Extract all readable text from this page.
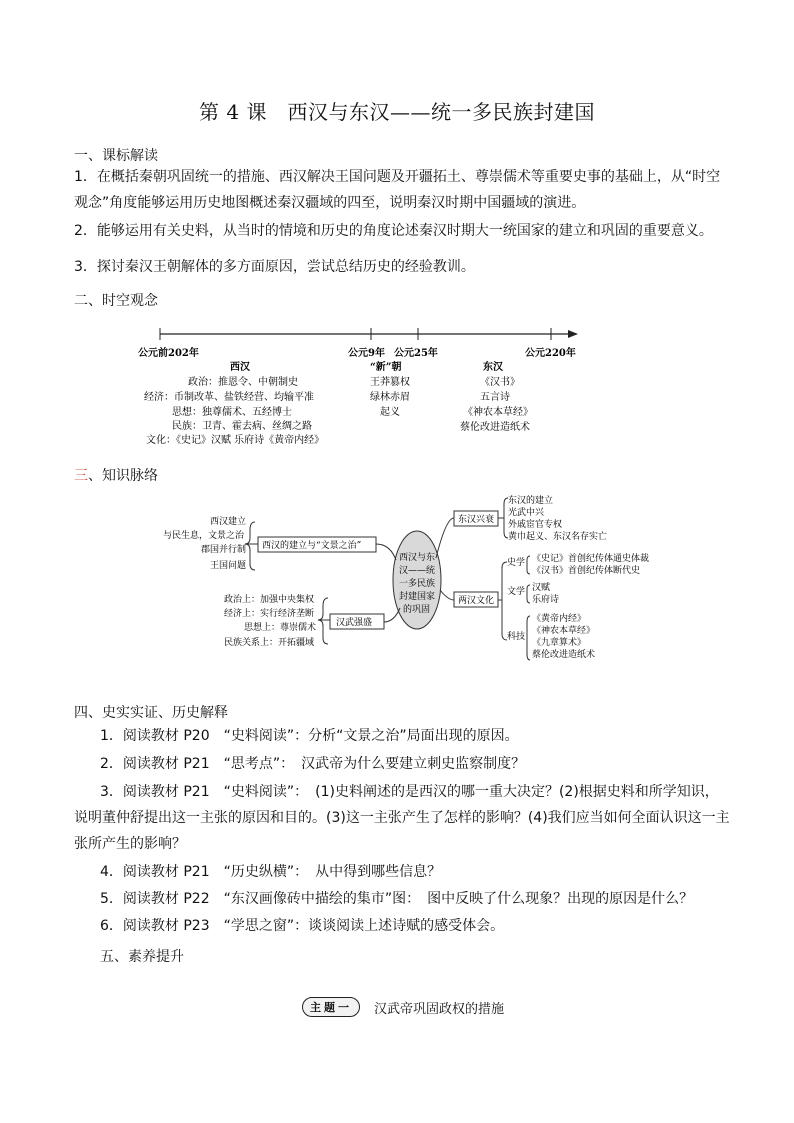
第 4 课　西汉与东汉——统一多民族封建国
一、课标解读
1．在概括秦朝巩固统一的措施、西汉解决王国问题及开疆拓土、尊崇儒术等重要史事的基础上，从“时空
观念”角度能够运用历史地图概述秦汉疆域的四至，说明秦汉时期中国疆域的演进。
2．能够运用有关史料，从当时的情境和历史的角度论述秦汉时期大一统国家的建立和巩固的重要意义。
3．探讨秦汉王朝解体的多方面原因，尝试总结历史的经验教训。
二、时空观念
公元前202年	公元9年 公元25年	公元220年
西汉
政治：推恩令、中朝制史
经济：币制改革、盐铁经营、均输平准
思想：独尊儒术、五经博士
民族：卫青、霍去病、丝绸之路
文化：《史记》汉赋 乐府诗《黄帝内经》
“新”朝
王莽篡权
绿林赤眉
起义
东汉
《汉书》
五言诗
《神农本草经》
蔡伦改进造纸术
三、知识脉络
西汉与东
汉——统
一多民族
封建国家
的巩固
西汉的建立与“文景之治”
西汉建立
与民生息，文景之治
郡国并行制
王国问题
汉武强盛
政治上：加强中央集权
经济上：实行经济垄断
思想上：尊崇儒术
民族关系上：开拓疆域
东汉兴衰
东汉的建立
光武中兴
外戚宦官专权
黄巾起义、东汉名存实亡
两汉文化
史学 《史记》首创纪传体通史体裁
《汉书》首创纪传体断代史
文学 汉赋
乐府诗
科技
《黄帝内经》
《神农本草经》
《九章算术》
蔡伦改进造纸术
四、史实实证、历史解释
1．阅读教材 P20　“史料阅读”：分析“文景之治”局面出现的原因。
2．阅读教材 P21　“思考点”：　汉武帝为什么要建立刺史监察制度？
3．阅读教材 P21　“史料阅读”：　(1)史料阐述的是西汉的哪一重大决定？(2)根据史料和所学知识，
说明董仲舒提出这一主张的原因和目的。(3)这一主张产生了怎样的影响？(4)我们应当如何全面认识这一主
张所产生的影响？
4．阅读教材 P21　“历史纵横”：　从中得到哪些信息？
5．阅读教材 P22　“东汉画像砖中描绘的集市”图：　图中反映了什么现象？出现的原因是什么？
6．阅读教材 P23　“学思之窗”：谈谈阅读上述诗赋的感受体会。
五、素养提升
主题一	汉武帝巩固政权的措施
